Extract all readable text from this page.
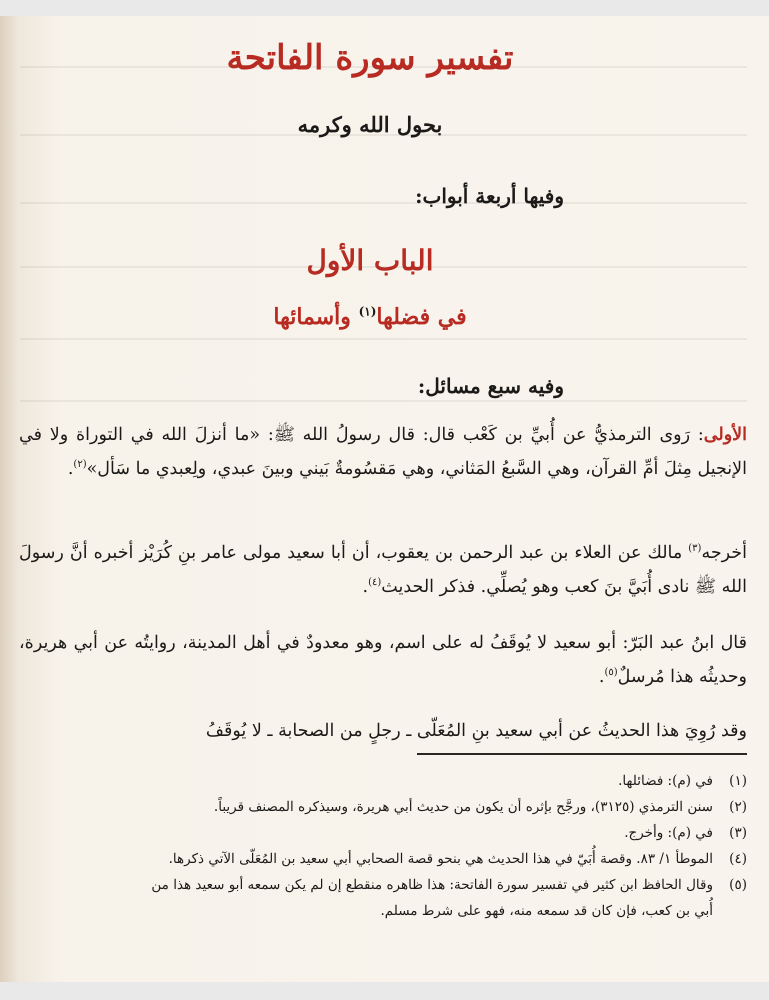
تفسير سورة الفاتحة
بحول الله وكرمه
وفيها أربعة أبواب:
الباب الأول
في فضلها$^{(١)}$ وأسمائها
وفيه سبع مسائل:
الأولى: رَوى الترمذيُّ عن أُبيِّ بن كَعْب قال: قال رسولُ الله ﷺ: «ما أنزلَ الله في التوراة ولا في الإنجيل مِثلَ أمِّ القرآن، وهي السَّبعُ المَثاني، وهي مَقسُومةٌ بَيني وبينَ عبدي، ولِعبدي ما سَأل»$^{(٢)}$.
أخرجه$^{(٣)}$ مالك عن العلاء بن عبد الرحمن بن يعقوب، أن أبا سعيد مولى عامر بنِ كُرَيْز أخبره أنَّ رسولَ الله ﷺ نادى أُبَيَّ بنَ كعب وهو يُصلِّي. فذكر الحديث$^{(٤)}$.
قال ابنُ عبد البَرّ: أبو سعيد لا يُوقَفُ له على اسم، وهو معدودٌ في أهل المدينة، روايتُه عن أبي هريرة، وحديثُه هذا مُرسلٌ$^{(٥)}$.
وقد رُوِيَ هذا الحديثُ عن أبي سعيد بنِ المُعَلّى ـ رجلٍ من الصحابة ـ لا يُوقَفُ
(١)في (م): فضائلها.
(٢)سنن الترمذي (٣١٢٥)، ورجَّح بإثره أن يكون من حديث أبي هريرة، وسيذكره المصنف قريباً.
(٣)في (م): وأخرج.
(٤)الموطأ ١/ ٨٣. وقصة أُبَيّ في هذا الحديث هي بنحو قصة الصحابي أبي سعيد بن المُعَلّى الآتي ذكرها.
(٥)وقال الحافظ ابن كثير في تفسير سورة الفاتحة: هذا ظاهره منقطع إن لم يكن سمعه أبو سعيد هذا من
أُبي بن كعب، فإن كان قد سمعه منه، فهو على شرط مسلم.
